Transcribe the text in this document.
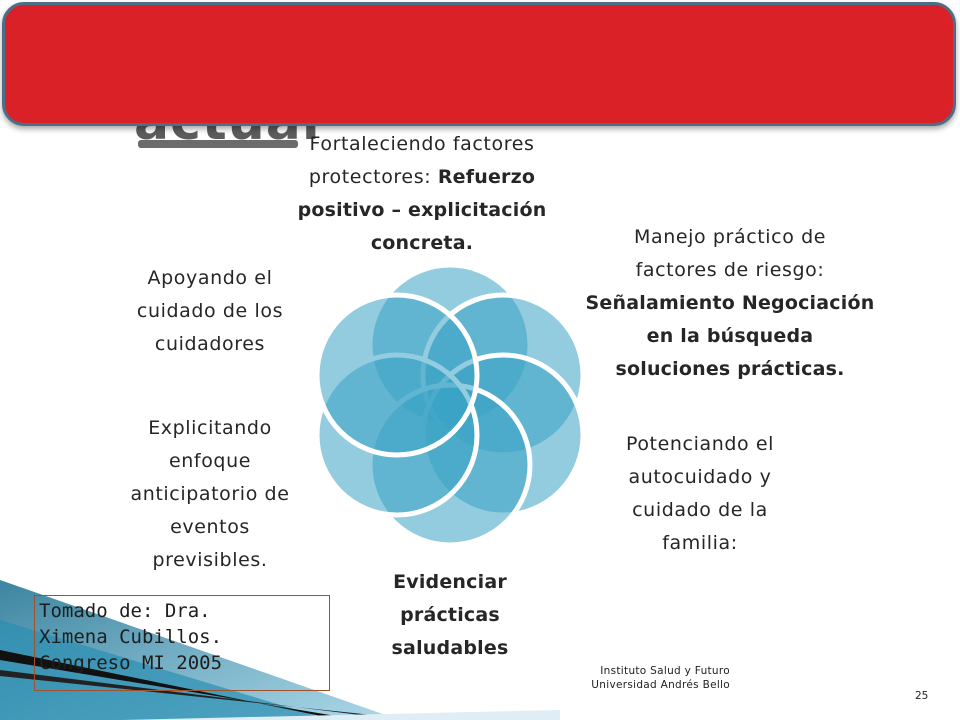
Fortaleciendo factores
protectores: Refuerzo
positivo – explicitación
concreta.	Manejo práctico de
factores de riesgo:
Señalamiento Negociación
en la búsqueda
soluciones prácticas.
Potenciando el
autocuidado y
cuidado de la
familia:
Evidenciar
prácticas
saludables
Explicitando
enfoque
anticipatorio de
eventos
previsibles.
Apoyando el
cuidado de los
cuidadores
Tomado de: Dra.
Ximena Cubillos.
Congreso MI 2005	Instituto Salud y Futuro
Universidad Andrés Bello
25
